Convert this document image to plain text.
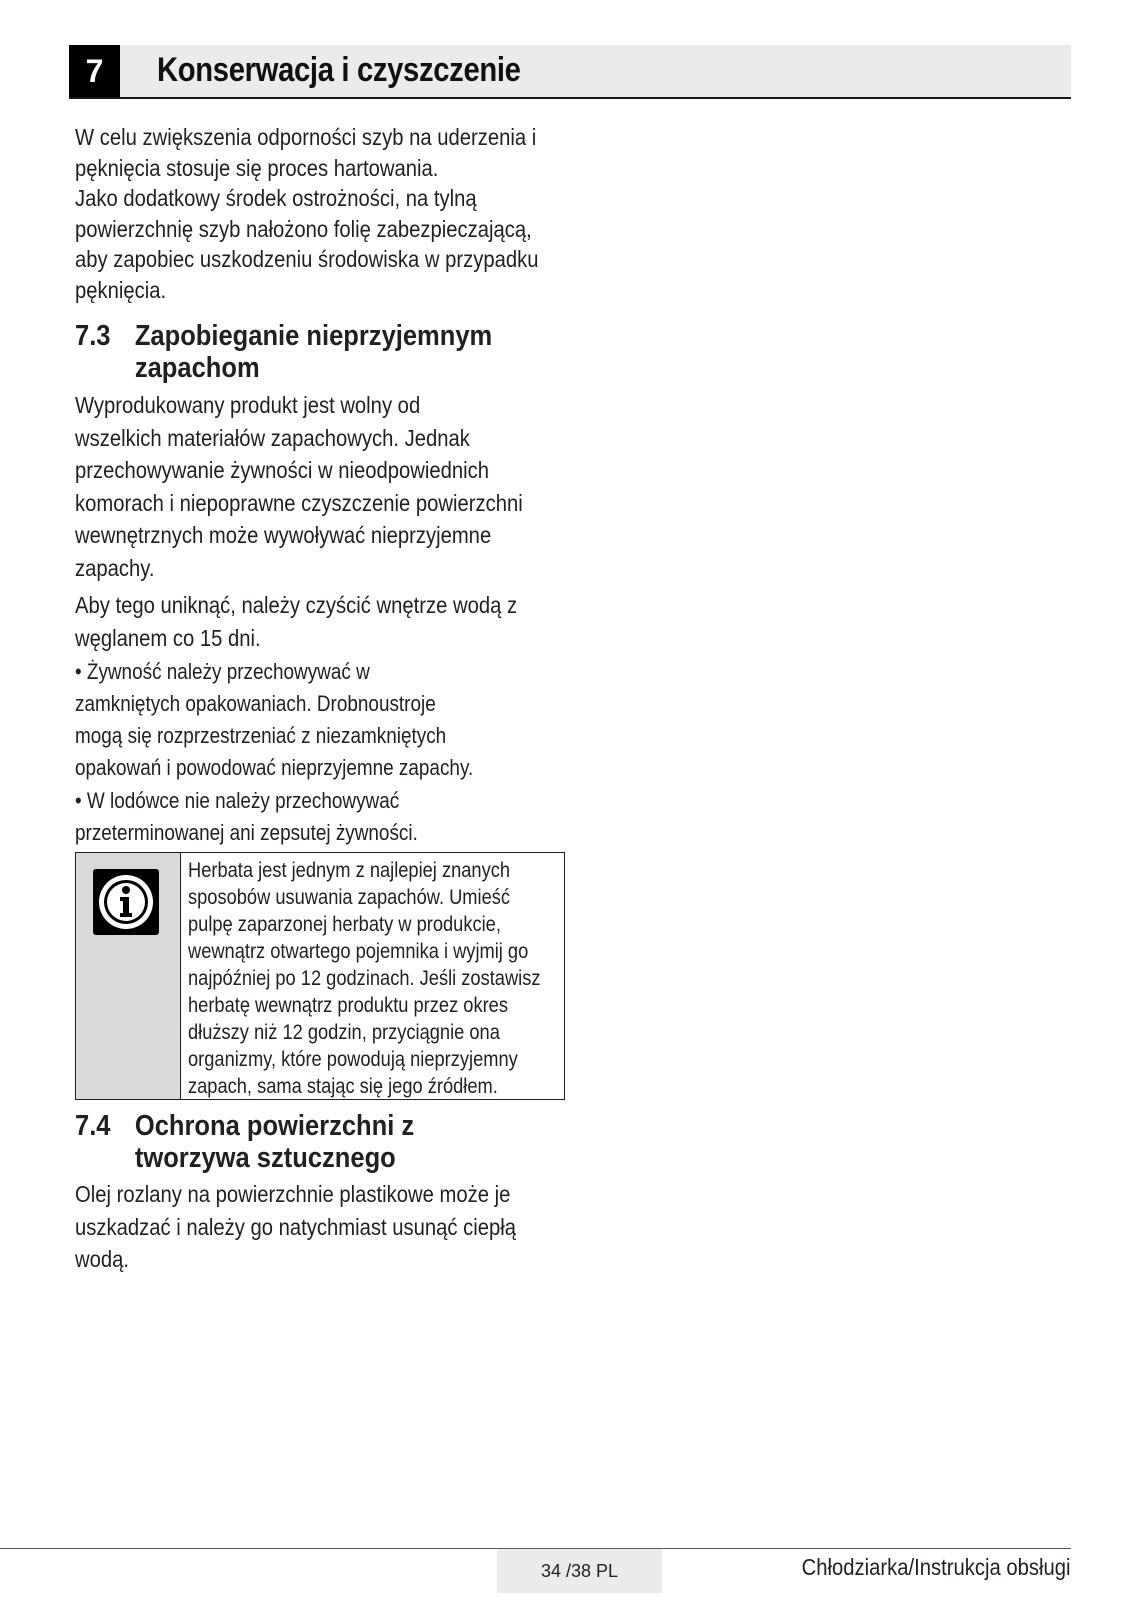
7	Konserwacja i czyszczenie

W celu zwiększenia odporności szyb na uderzenia i
pęknięcia stosuje się proces hartowania.
Jako dodatkowy środek ostrożności, na tylną
powierzchnię szyb nałożono folię zabezpieczającą,
aby zapobiec uszkodzeniu środowiska w przypadku
pęknięcia.

7.3 Zapobieganie nieprzyjemnym
zapachom

Wyprodukowany produkt jest wolny od
wszelkich materiałów zapachowych. Jednak
przechowywanie żywności w nieodpowiednich
komorach i niepoprawne czyszczenie powierzchni
wewnętrznych może wywoływać nieprzyjemne
zapachy.

Aby tego uniknąć, należy czyścić wnętrze wodą z
węglanem co 15 dni.

• Żywność należy przechowywać w
zamkniętych opakowaniach. Drobnoustroje
mogą się rozprzestrzeniać z niezamkniętych
opakowań i powodować nieprzyjemne zapachy.

• W lodówce nie należy przechowywać
przeterminowanej ani zepsutej żywności.

Herbata jest jednym z najlepiej znanych
sposobów usuwania zapachów. Umieść
pulpę zaparzonej herbaty w produkcie,
wewnątrz otwartego pojemnika i wyjmij go
najpóźniej po 12 godzinach. Jeśli zostawisz
herbatę wewnątrz produktu przez okres
dłuższy niż 12 godzin, przyciągnie ona
organizmy, które powodują nieprzyjemny
zapach, sama stając się jego źródłem.

7.4 Ochrona powierzchni z
tworzywa sztucznego

Olej rozlany na powierzchnie plastikowe może je
uszkadzać i należy go natychmiast usunąć ciepłą
wodą.

34 /38 PL	Chłodziarka/Instrukcja obsługi
